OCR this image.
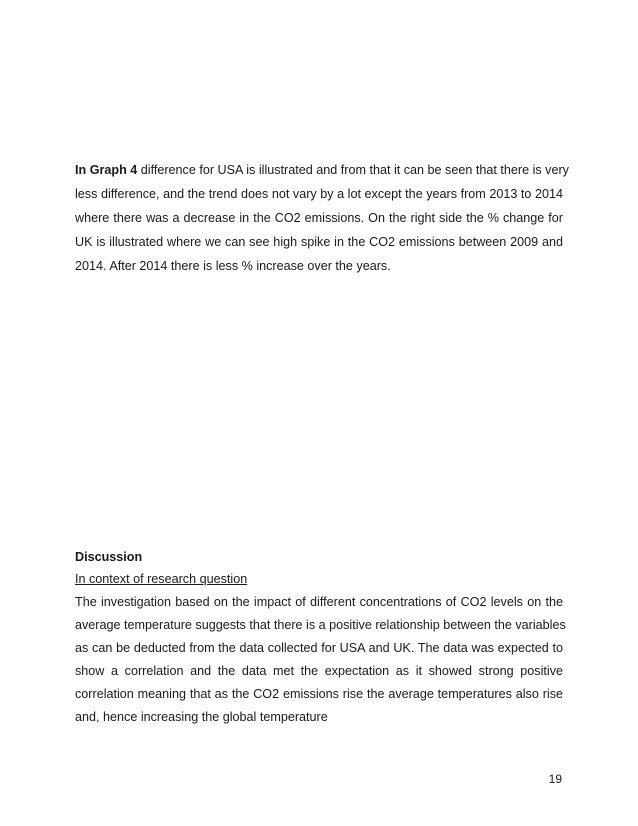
In Graph 4 difference for USA is illustrated and from that it can be seen that there is very
less difference, and the trend does not vary by a lot except the years from 2013 to 2014
where there was a decrease in the CO2 emissions. On the right side the % change for
UK is illustrated where we can see high spike in the CO2 emissions between 2009 and
2014. After 2014 there is less % increase over the years.
Discussion
In context of research question
The investigation based on the impact of different concentrations of CO2 levels on the
average temperature suggests that there is a positive relationship between the variables
as can be deducted from the data collected for USA and UK. The data was expected to
show a correlation and the data met the expectation as it showed strong positive
correlation meaning that as the CO2 emissions rise the average temperatures also rise
and, hence increasing the global temperature
19
